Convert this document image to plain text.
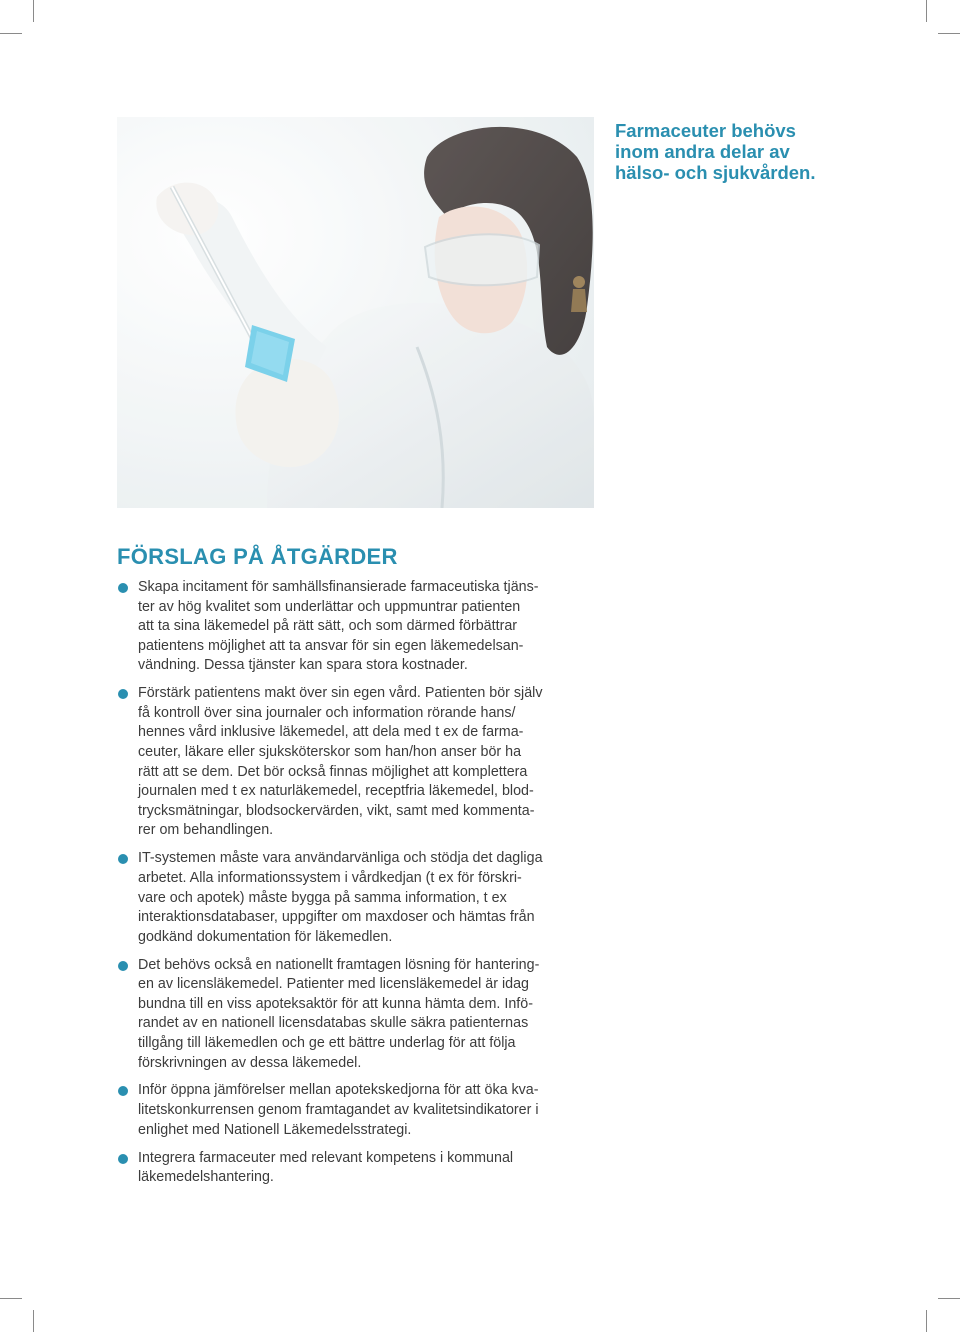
Farmaceuter behövs
inom andra delar av
hälso- och sjukvården.
FÖRSLAG PÅ ÅTGÄRDER
Skapa incitament för samhällsfinansierade farmaceutiska tjäns-
ter av hög kvalitet som underlättar och uppmuntrar patienten
att ta sina läkemedel på rätt sätt, och som därmed förbättrar
patientens möjlighet att ta ansvar för sin egen läkemedelsan-
vändning. Dessa tjänster kan spara stora kostnader.
Förstärk patientens makt över sin egen vård. Patienten bör själv
få kontroll över sina journaler och information rörande hans/
hennes vård inklusive läkemedel, att dela med t ex de farma-
ceuter, läkare eller sjuksköterskor som han/hon anser bör ha
rätt att se dem. Det bör också finnas möjlighet att komplettera
journalen med t ex naturläkemedel, receptfria läkemedel, blod-
trycksmätningar, blodsockervärden, vikt, samt med kommenta-
rer om behandlingen.
IT-systemen måste vara användarvänliga och stödja det dagliga
arbetet. Alla informationssystem i vårdkedjan (t ex för förskri-
vare och apotek) måste bygga på samma information, t ex
interaktionsdatabaser, uppgifter om maxdoser och hämtas från
godkänd dokumentation för läkemedlen.
Det behövs också en nationellt framtagen lösning för hantering-
en av licensläkemedel. Patienter med licensläkemedel är idag
bundna till en viss apoteksaktör för att kunna hämta dem. Infö-
randet av en nationell licensdatabas skulle säkra patienternas
tillgång till läkemedlen och ge ett bättre underlag för att följa
förskrivningen av dessa läkemedel.
Inför öppna jämförelser mellan apotekskedjorna för att öka kva-
litetskonkurrensen genom framtagandet av kvalitetsindikatorer i
enlighet med Nationell Läkemedelsstrategi.
Integrera farmaceuter med relevant kompetens i kommunal
läkemedelshantering.
